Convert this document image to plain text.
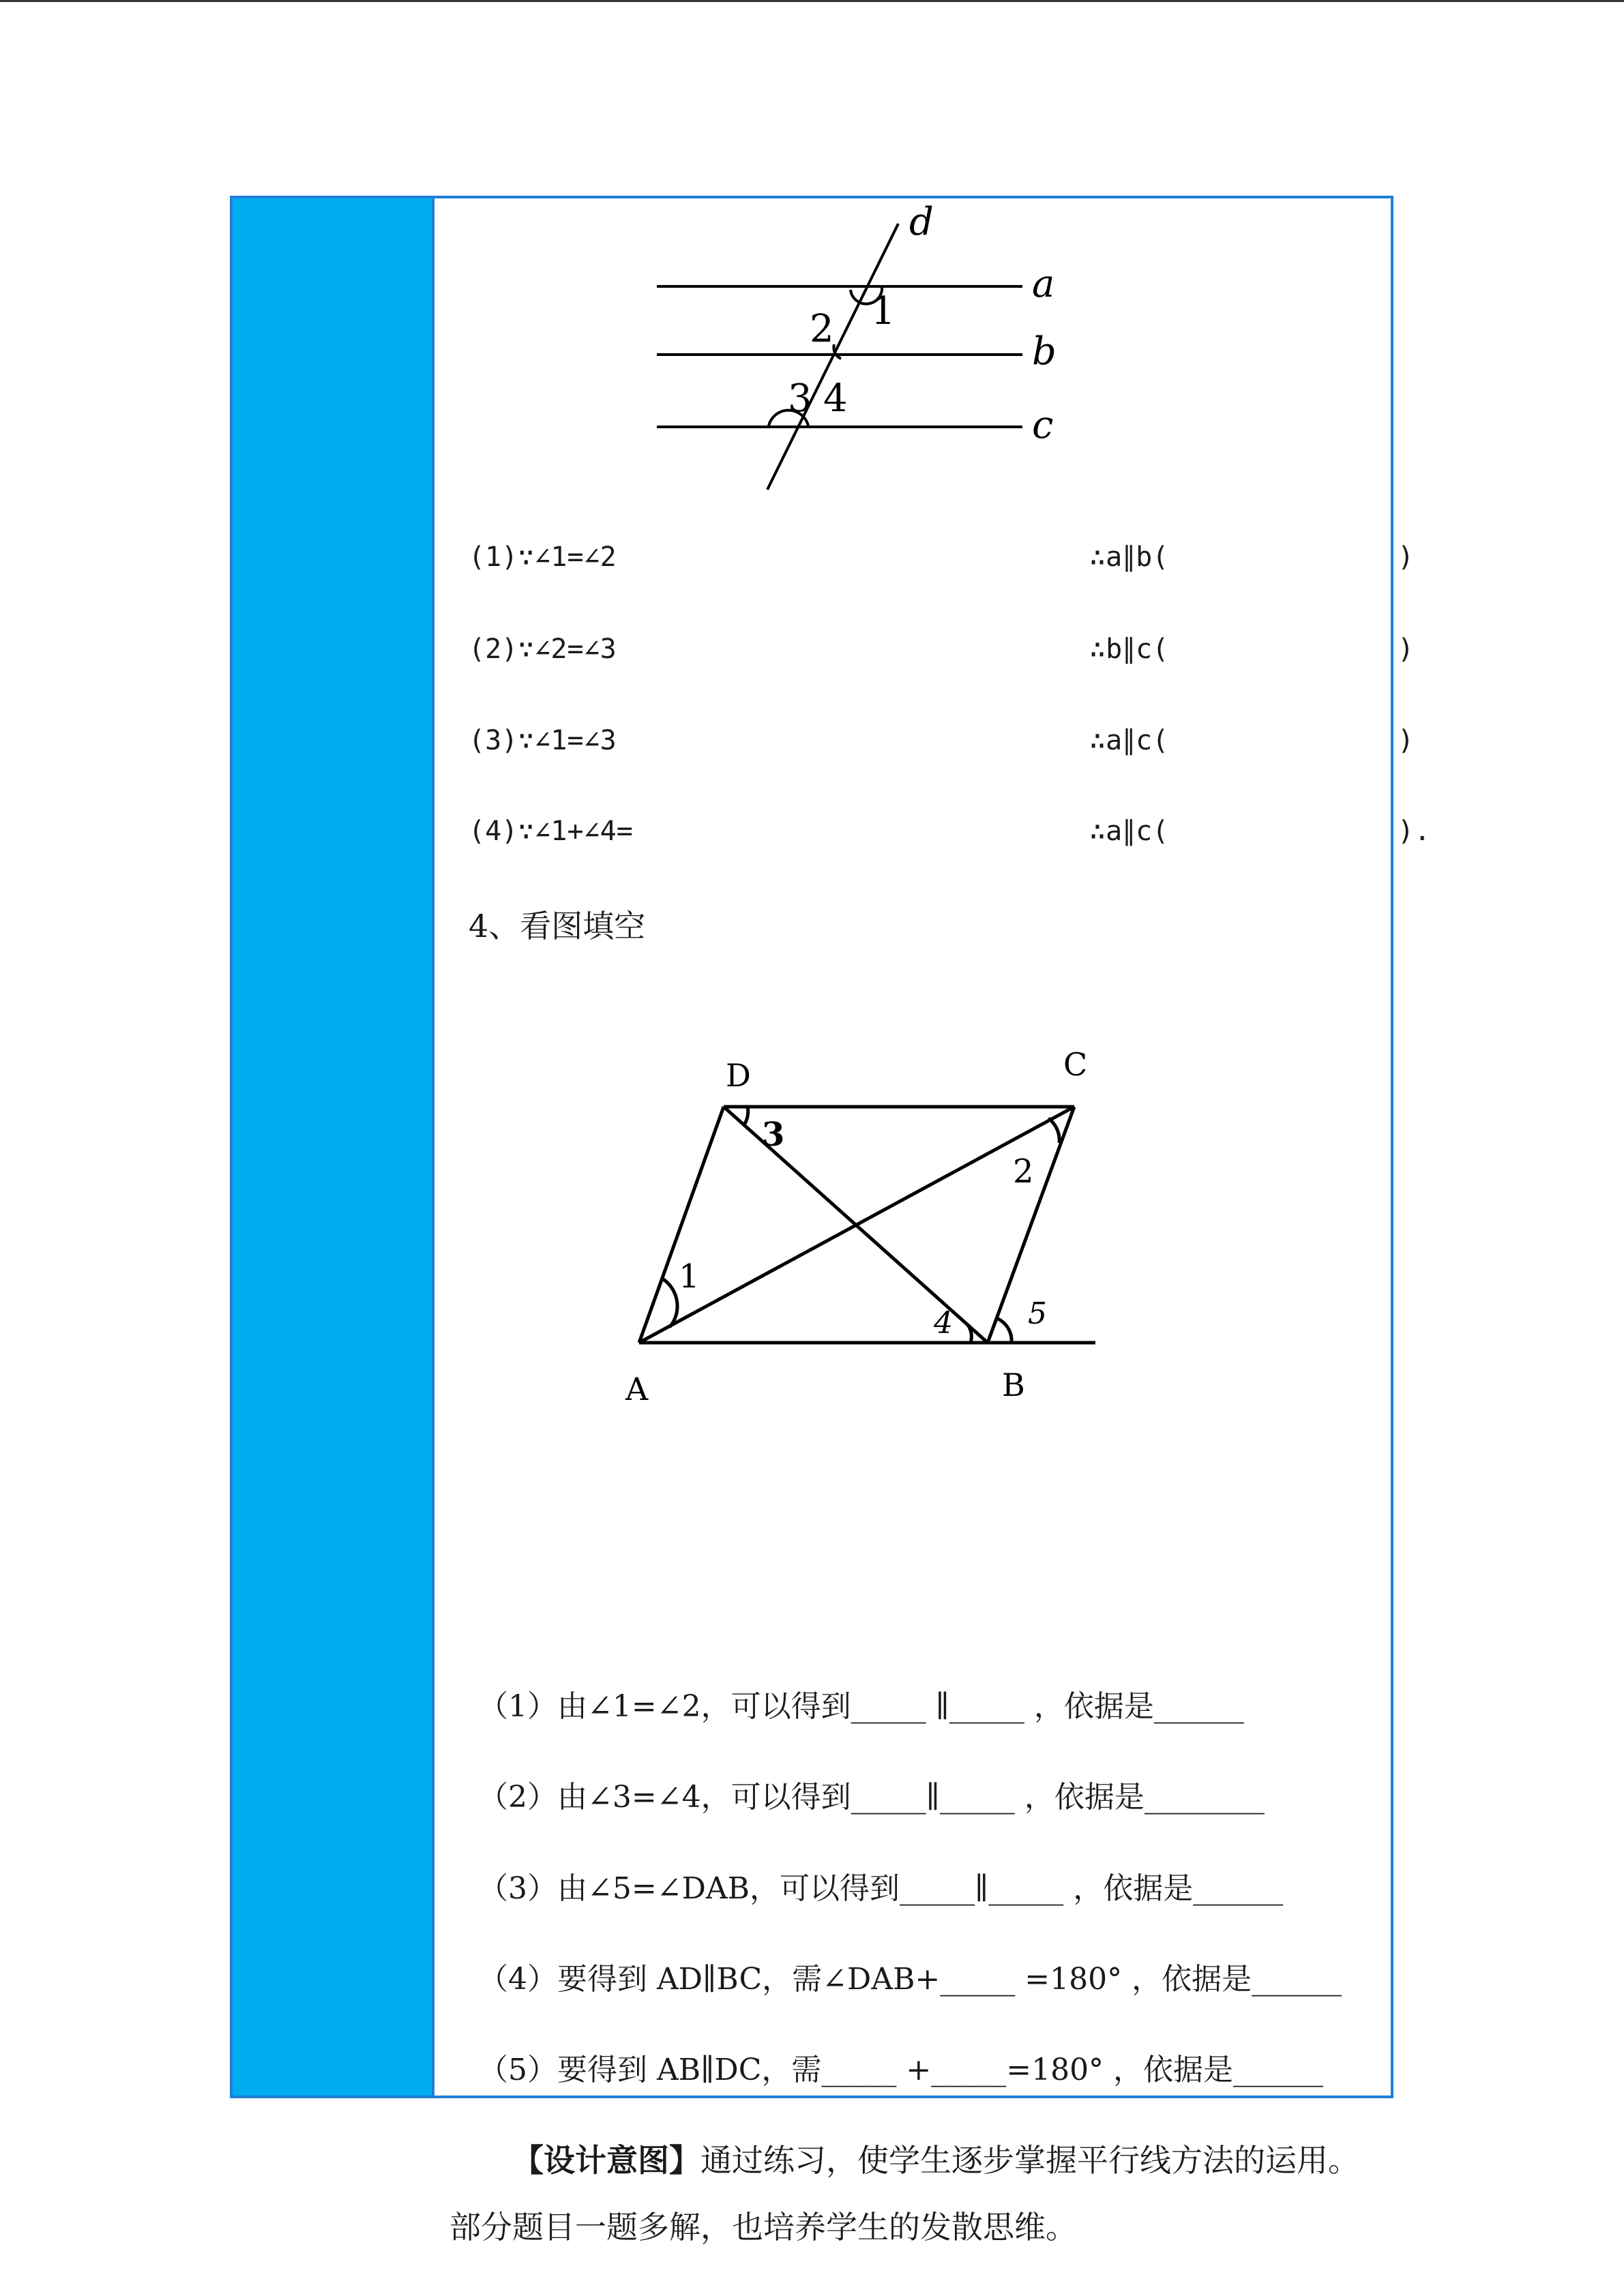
d
a
b
c
1
2
3 4
(1)∵∠1=∠2	∴a∥b(	)
(2)∵∠2=∠3	∴b∥c(	)
(3)∵∠1=∠3	∴a∥c(	)
(4)∵∠1+∠4=	∴a∥c(	).
4、看图填空
D	C
A	B
1
2
3
4	5
（1）由∠1=∠2，可以得到_____ ∥_____ ，依据是______
（2）由∠3=∠4，可以得到_____∥_____ ，依据是________
（3）由∠5=∠DAB，可以得到_____∥_____ ，依据是______
（4）要得到 AD∥BC，需∠DAB+_____ =180° ，依据是______
（5）要得到 AB∥DC，需_____ +_____=180° ，依据是______
【设计意图】通过练习，使学生逐步掌握平行线方法的运用。部分题目一题多解，也培养学生的发散思维。
